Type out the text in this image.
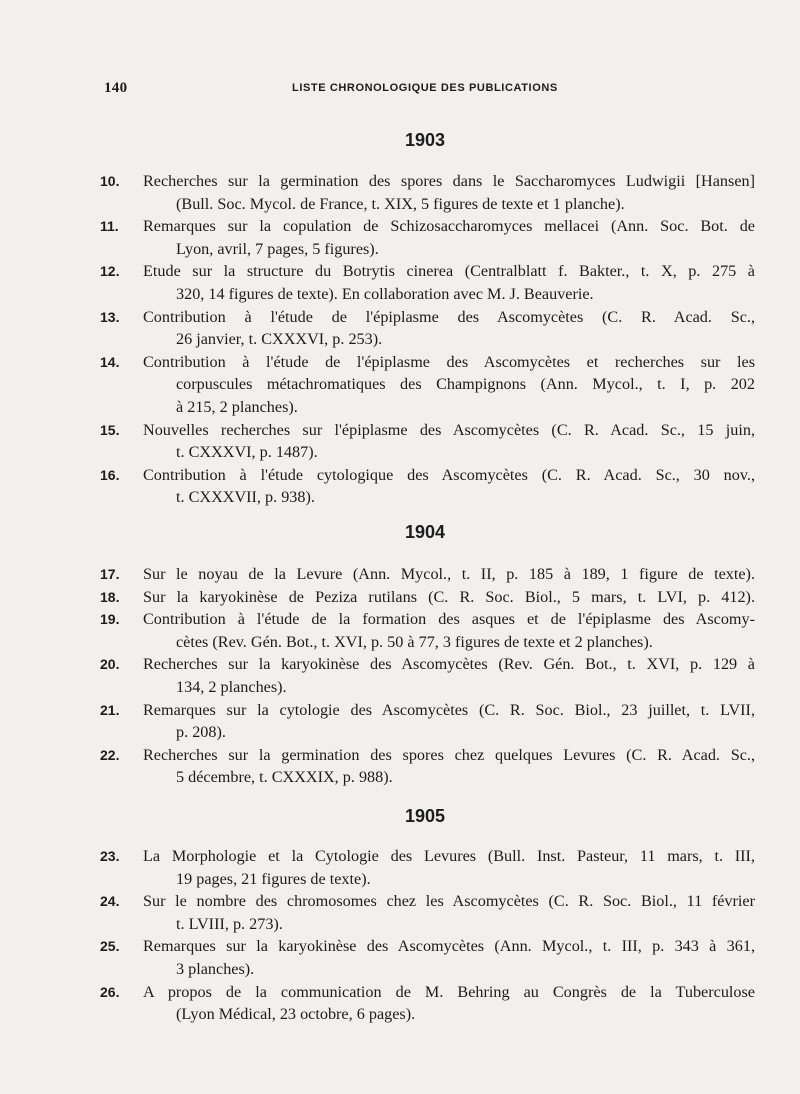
140	LISTE CHRONOLOGIQUE DES PUBLICATIONS
1903
10.	Recherches sur la germination des spores dans le Saccharomyces Ludwigii [Hansen]
(Bull. Soc. Mycol. de France, t. XIX, 5 figures de texte et 1 planche).
11.	Remarques sur la copulation de Schizosaccharomyces mellacei (Ann. Soc. Bot. de
Lyon, avril, 7 pages, 5 figures).
12.	Etude sur la structure du Botrytis cinerea (Centralblatt f. Bakter., t. X, p. 275 à
320, 14 figures de texte). En collaboration avec M. J. Beauverie.
13.	Contribution à l'étude de l'épiplasme des Ascomycètes (C. R. Acad. Sc.,
26 janvier, t. CXXXVI, p. 253).
14.	Contribution à l'étude de l'épiplasme des Ascomycètes et recherches sur les
corpuscules métachromatiques des Champignons (Ann. Mycol., t. I, p. 202
à 215, 2 planches).
15.	Nouvelles recherches sur l'épiplasme des Ascomycètes (C. R. Acad. Sc., 15 juin,
t. CXXXVI, p. 1487).
16.	Contribution à l'étude cytologique des Ascomycètes (C. R. Acad. Sc., 30 nov.,
t. CXXXVII, p. 938).
1904
17.	Sur le noyau de la Levure (Ann. Mycol., t. II, p. 185 à 189, 1 figure de texte).
18.	Sur la karyokinèse de Peziza rutilans (C. R. Soc. Biol., 5 mars, t. LVI, p. 412).
19.	Contribution à l'étude de la formation des asques et de l'épiplasme des Ascomy-
cètes (Rev. Gén. Bot., t. XVI, p. 50 à 77, 3 figures de texte et 2 planches).
20.	Recherches sur la karyokinèse des Ascomycètes (Rev. Gén. Bot., t. XVI, p. 129 à
134, 2 planches).
21.	Remarques sur la cytologie des Ascomycètes (C. R. Soc. Biol., 23 juillet, t. LVII,
p. 208).
22.	Recherches sur la germination des spores chez quelques Levures (C. R. Acad. Sc.,
5 décembre, t. CXXXIX, p. 988).
1905
23.	La Morphologie et la Cytologie des Levures (Bull. Inst. Pasteur, 11 mars, t. III,
19 pages, 21 figures de texte).
24.	Sur le nombre des chromosomes chez les Ascomycètes (C. R. Soc. Biol., 11 février
t. LVIII, p. 273).
25.	Remarques sur la karyokinèse des Ascomycètes (Ann. Mycol., t. III, p. 343 à 361,
3 planches).
26.	A propos de la communication de M. Behring au Congrès de la Tuberculose
(Lyon Médical, 23 octobre, 6 pages).
